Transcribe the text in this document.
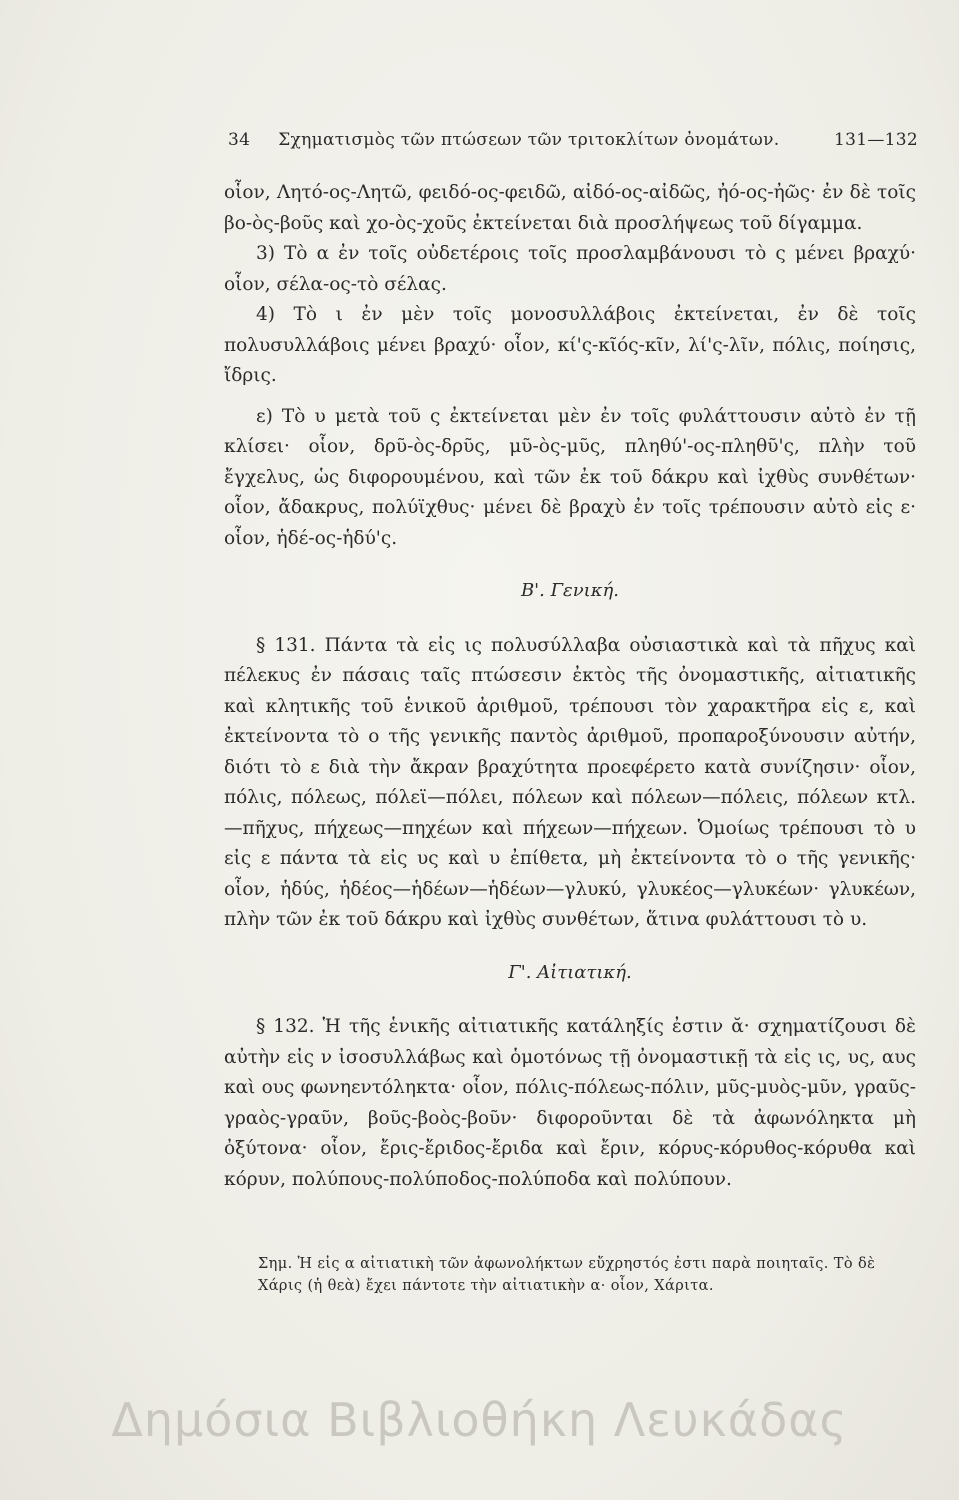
34 Σχηματισμὸς τῶν πτώσεων τῶν τριτοκλίτων ὀνομάτων.	131—132

οἷον, Λητό-ος-Λητῶ, φειδό-ος-φειδῶ, αἰδό-ος-αἰδῶς, ἠό-ος-ἠῶς· ἐν δὲ τοῖς βο-ὸς-βοῦς καὶ χο-ὸς-χοῦς ἐκτείνεται διὰ προσλήψεως τοῦ δίγαμμα.

3) Τὸ α ἐν τοῖς οὐδετέροις τοῖς προσλαμβάνουσι τὸ ς μένει βραχύ· οἷον, σέλα-ος-τὸ σέλας.

4) Τὸ ι ἐν μὲν τοῖς μονοσυλλάβοις ἐκτείνεται, ἐν δὲ τοῖς πολυσυλλάβοις μένει βραχύ· οἷον, κί'ς-κῖός-κῖν, λί'ς-λῖν, πόλις, ποίησις, ἴδρις.

ε) Τὸ υ μετὰ τοῦ ς ἐκτείνεται μὲν ἐν τοῖς φυλάττουσιν αὐτὸ ἐν τῇ κλίσει· οἷον, δρῦ-ὸς-δρῦς, μῦ-ὸς-μῦς, πληθύ'-ος-πληθῦ'ς, πλὴν τοῦ ἔγχελυς, ὡς διφορουμένου, καὶ τῶν ἐκ τοῦ δάκρυ καὶ ἰχθὺς συνθέτων· οἷον, ἄδακρυς, πολύϊχθυς· μένει δὲ βραχὺ ἐν τοῖς τρέπουσιν αὐτὸ εἰς ε· οἷον, ἡδέ-ος-ἡδύ'ς.

Β'. Γενική.

§ 131. Πάντα τὰ εἰς ις πολυσύλλαβα οὐσιαστικὰ καὶ τὰ πῆχυς καὶ πέλεκυς ἐν πάσαις ταῖς πτώσεσιν ἐκτὸς τῆς ὀνομαστικῆς, αἰτιατικῆς καὶ κλητικῆς τοῦ ἑνικοῦ ἀριθμοῦ, τρέπουσι τὸν χαρακτῆρα εἰς ε, καὶ ἐκτείνοντα τὸ ο τῆς γενικῆς παντὸς ἀριθμοῦ, προπαροξύνουσιν αὐτήν, διότι τὸ ε διὰ τὴν ἄκραν βραχύτητα προεφέρετο κατὰ συνίζησιν· οἷον, πόλις, πόλεως, πόλεϊ—πόλει, πόλεων καὶ πόλεων—πόλεις, πόλεων κτλ.—πῆχυς, πήχεως—πηχέων καὶ πήχεων—πήχεων. Ὁμοίως τρέπουσι τὸ υ εἰς ε πάντα τὰ εἰς υς καὶ υ ἐπίθετα, μὴ ἐκτείνοντα τὸ ο τῆς γενικῆς· οἷον, ἡδύς, ἡδέος—ἡδέων—ἡδέων—γλυκύ, γλυκέος—γλυκέων· γλυκέων, πλὴν τῶν ἐκ τοῦ δάκρυ καὶ ἰχθὺς συνθέτων, ἅτινα φυλάττουσι τὸ υ.

Γ'. Αἰτιατική.

§ 132. Ἡ τῆς ἑνικῆς αἰτιατικῆς κατάληξίς ἐστιν ᾰ· σχηματίζουσι δὲ αὐτὴν εἰς ν ἰσοσυλλάβως καὶ ὁμοτόνως τῇ ὀνομαστικῇ τὰ εἰς ις, υς, αυς καὶ ους φωνηεντόληκτα· οἷον, πόλις-πόλεως-πόλιν, μῦς-μυὸς-μῦν, γραῦς-γραὸς-γραῦν, βοῦς-βοὸς-βοῦν· διφοροῦνται δὲ τὰ ἀφωνόληκτα μὴ ὀξύτονα· οἷον, ἔρις-ἔριδος-ἔριδα καὶ ἔριν, κόρυς-κόρυθος-κόρυθα καὶ κόρυν, πολύπους-πολύποδος-πολύποδα καὶ πολύπουν.

Σημ. Ἡ εἰς α αἰτιατικὴ τῶν ἀφωνολήκτων εὔχρηστός ἐστι παρὰ ποιηταῖς. Τὸ δὲ Χάρις (ἡ θεὰ) ἔχει πάντοτε τὴν αἰτιατικὴν α· οἷον, Χάριτα.
Δημόσια Βιβλιοθήκη Λευκάδας
